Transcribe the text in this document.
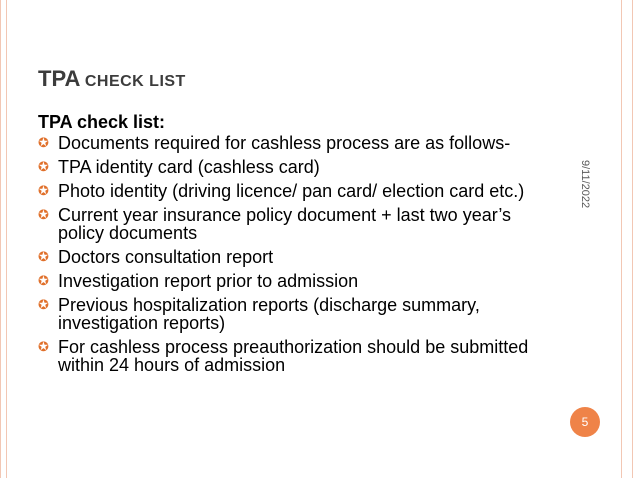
TPA CHECK LIST
9/11/2022
TPA check list:
✪ Documents required for cashless process are as follows-
✪ TPA identity card (cashless card)
✪ Photo identity (driving licence/ pan card/ election card etc.)
✪ Current year insurance policy document + last two year’s policy documents
✪ Doctors consultation report
✪ Investigation report prior to admission
✪ Previous hospitalization reports (discharge summary, investigation reports)
✪ For cashless process preauthorization should be submitted within 24 hours of admission
5
